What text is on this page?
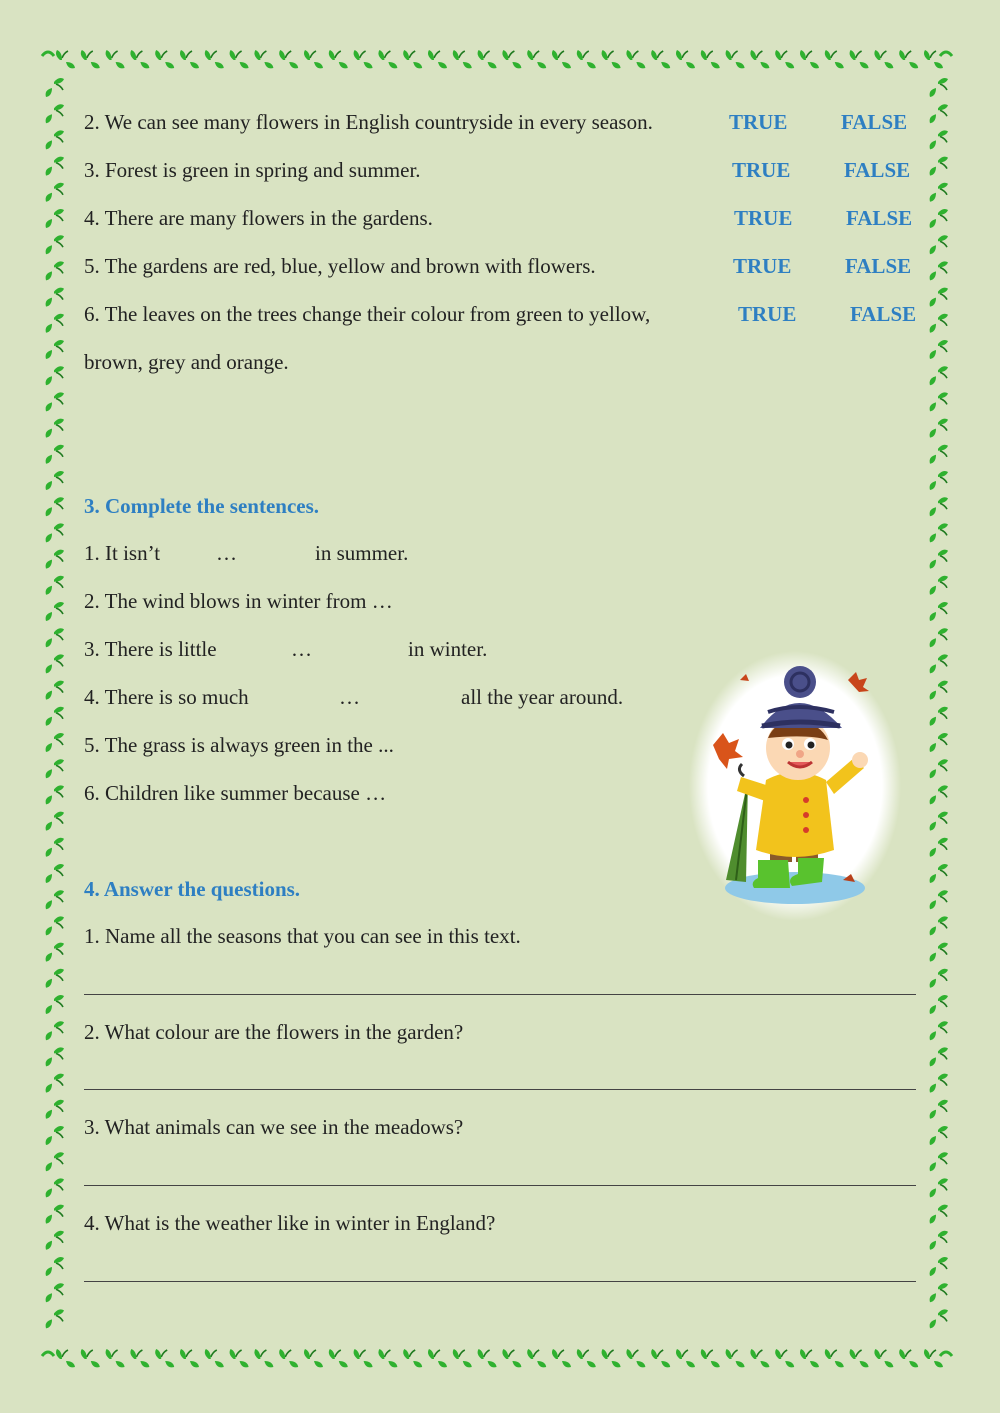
2. We can see many flowers in English countryside in every season.	TRUE	FALSE
3. Forest is green in spring and summer.	TRUE	FALSE
4. There are many flowers in the gardens.	TRUE	FALSE
5. The gardens are red, blue, yellow and brown with flowers.	TRUE	FALSE
6. The leaves on the trees change their colour from green to yellow,	TRUE	FALSE
brown, grey and orange.
3. Complete the sentences.
1. It isn’t	…	in summer.
2. The wind blows in winter from …
3. There is little	…	in winter.
4. There is so much	…	all the year around.
5. The grass is always green in the ...
6. Children like summer because …
4. Answer the questions.
1. Name all the seasons that you can see in this text.
2. What colour are the flowers in the garden?
3. What animals can we see in the meadows?
4. What is the weather like in winter in England?
